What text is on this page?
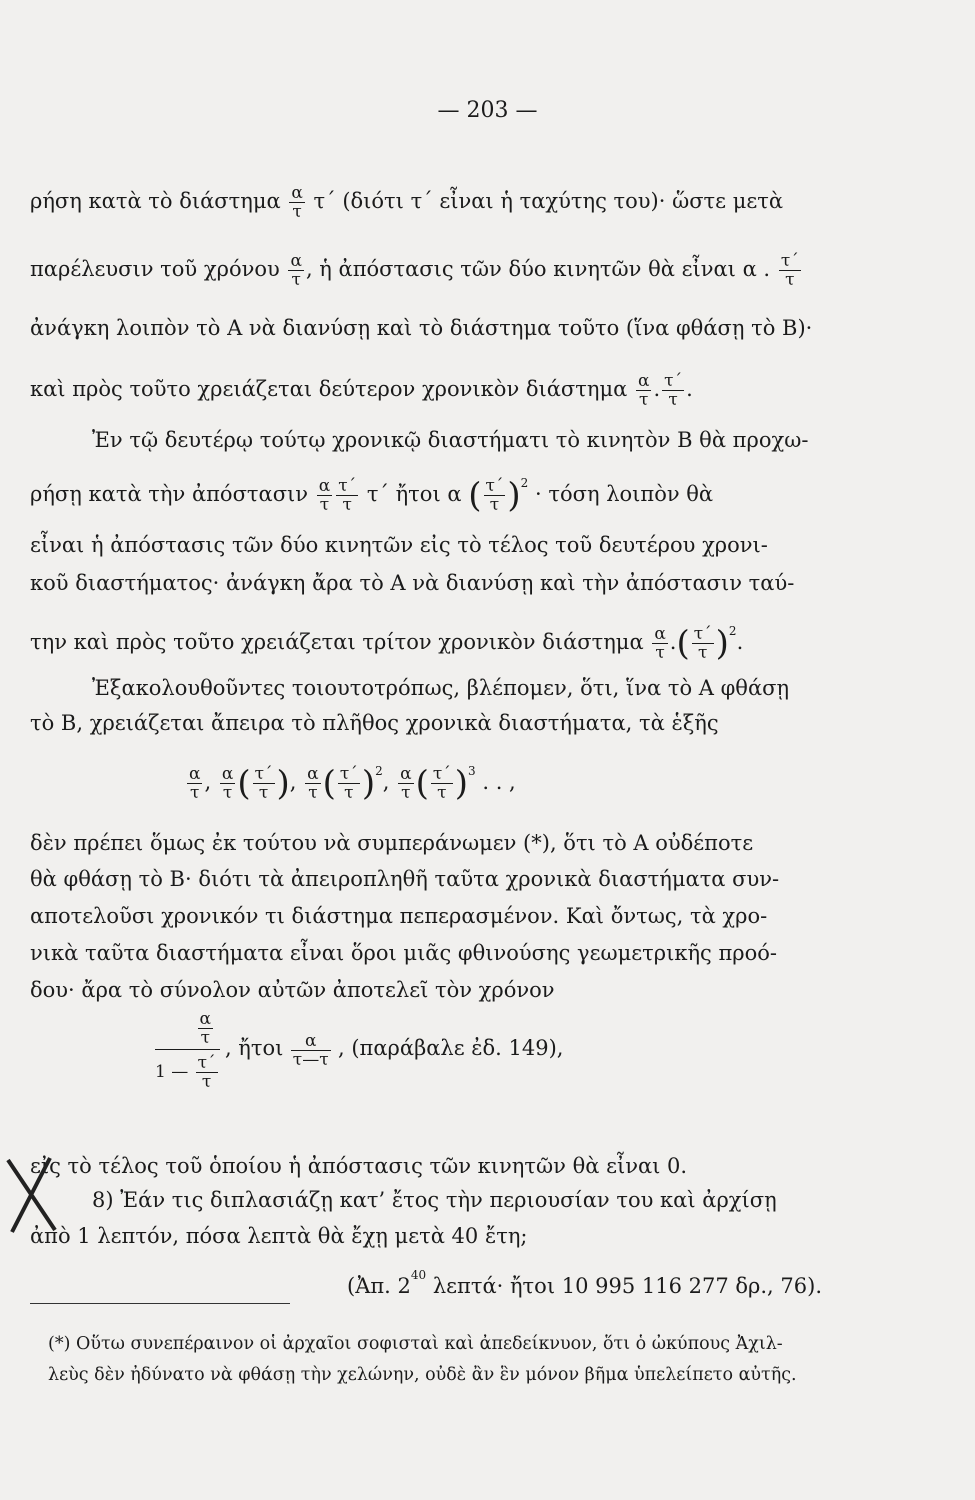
— 203 —
ρήση κατὰ τὸ διάστημα $\frac{\alpha}{\tau} \tau΄$ (διότι τ΄ εἶναι ἡ ταχύτης του)· ὥστε μετὰ
παρέλευσιν τοῦ χρόνου $\frac{\alpha}{\tau}$ , ἡ ἀπόστασις τῶν δύο κινητῶν θὰ εἶναι α . $\frac{\tau΄}{\tau}$
ἀνάγκη λοιπὸν τὸ Α νὰ διανύσῃ καὶ τὸ διάστημα τοῦτο (ἵνα φθάσῃ τὸ Β)·
καὶ πρὸς τοῦτο χρειάζεται δεύτερον χρονικὸν διάστημα $\frac{\alpha}{\tau}$ . $\frac{\tau΄}{\tau}$ .
Ἐν τῷ δευτέρῳ τούτῳ χρονικῷ διαστήματι τὸ κινητὸν Β θὰ προχω-
ρήσῃ κατὰ τὴν ἀπόστασιν $\frac{\alpha}{\tau} \frac{\tau΄}{\tau} \tau΄$ ἤτοι α ( $\frac{\tau΄}{\tau} )^2 \cdot \tau ό\sigma\eta$ λοιπὸν θὰ
εἶναι ἡ ἀπόστασις τῶν δύο κινητῶν εἰς τὸ τέλος τοῦ δευτέρου χρονι-
κοῦ διαστήματος· ἀνάγκη ἄρα τὸ Α νὰ διανύσῃ καὶ τὴν ἀπόστασιν ταύ-
την καὶ πρὸς τοῦτο χρειάζεται τρίτον χρονικὸν διάστημα $\frac{\alpha}{\tau}$ .( $\frac{\tau΄}{\tau} )^2$.
Ἐξακολουθοῦντες τοιουτοτρόπως, βλέπομεν, ὅτι, ἵνα τὸ Α φθάσῃ
τὸ Β, χρειάζεται ἄπειρα τὸ πλῆθος χρονικὰ διαστήματα, τὰ ἑξῆς
$\frac{\alpha}{\tau}$ , $\frac{\alpha}{\tau}$ ( $\frac{\tau΄}{\tau}$ ), $\frac{\alpha}{\tau}$ ( $\frac{\tau΄}{\tau} )^2$, $\frac{\alpha}{\tau}$ ( $\frac{\tau΄}{\tau} )^3$ . . ,
δὲν πρέπει ὅμως ἐκ τούτου νὰ συμπεράνωμεν (*), ὅτι τὸ Α οὐδέποτε
θὰ φθάσῃ τὸ Β· διότι τὰ ἀπειροπληθῆ ταῦτα χρονικὰ διαστήματα συν-
αποτελοῦσι χρονικόν τι διάστημα πεπερασμένον. Καὶ ὄντως, τὰ χρο-
νικὰ ταῦτα διαστήματα εἶναι ὅροι μιᾶς φθινούσης γεωμετρικῆς προό-
δου· ἄρα τὸ σύνολον αὐτῶν ἀποτελεῖ τὸν χρόνον
$\frac{\frac{\alpha}{\tau}}{1 — \frac{\tau΄}{\tau}}$ , ἤτοι $\frac{\alpha}{\tau—\tau}$ , (παράβαλε ἐδ. 149),
εἰς τὸ τέλος τοῦ ὁποίου ἡ ἀπόστασις τῶν κινητῶν θὰ εἶναι 0.
8) Ἐάν τις διπλασιάζῃ κατ’ ἔτος τὴν περιουσίαν του καὶ ἀρχίσῃ
ἀπὸ 1 λεπτόν, πόσα λεπτὰ θὰ ἔχῃ μετὰ 40 ἔτη;
(Ἀπ. $2^{40}$ λεπτά· ἤτοι 10 995 116 277 δρ., 76).
(*) Οὕτω συνεπέραινον οἱ ἀρχαῖοι σοφισταὶ καὶ ἀπεδείκνυον, ὅτι ὁ ὠκύπους Ἀχιλ-
λεὺς δὲν ἠδύνατο νὰ φθάσῃ τὴν χελώνην, οὐδὲ ἂν ἓν μόνον βῆμα ὑπελείπετο αὐτῆς.
